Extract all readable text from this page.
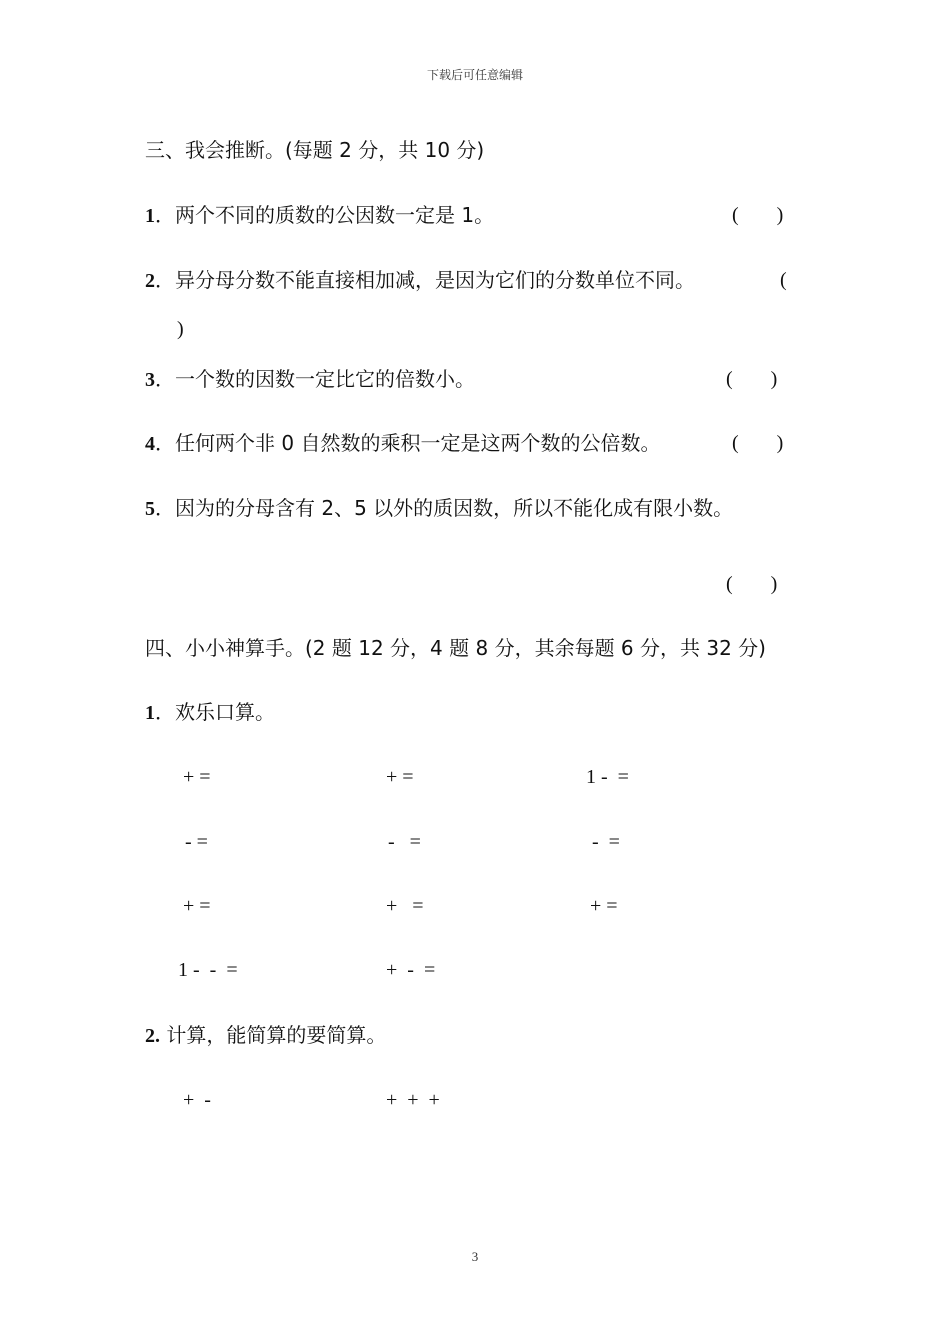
下载后可任意编辑
三、我会推断。(每题 2 分，共 10 分)
1．两个不同的质数的公因数一定是 1。	( )
2．异分母分数不能直接相加减，是因为它们的分数单位不同。	(
)
3．一个数的因数一定比它的倍数小。	( )
4．任何两个非 0 自然数的乘积一定是这两个数的公倍数。	( )
5．因为的分母含有 2、5 以外的质因数，所以不能化成有限小数。
( )
四、小小神算手。(2 题 12 分，4 题 8 分，其余每题 6 分，共 32 分)
1．欢乐口算。
+ =	+ =	1 -  =
- =	-   =	-  =
+ =	+   =	+ =
1 -  -  =	+  -  =
2. 计算，能简算的要简算。
+  -	+  +  +
3
